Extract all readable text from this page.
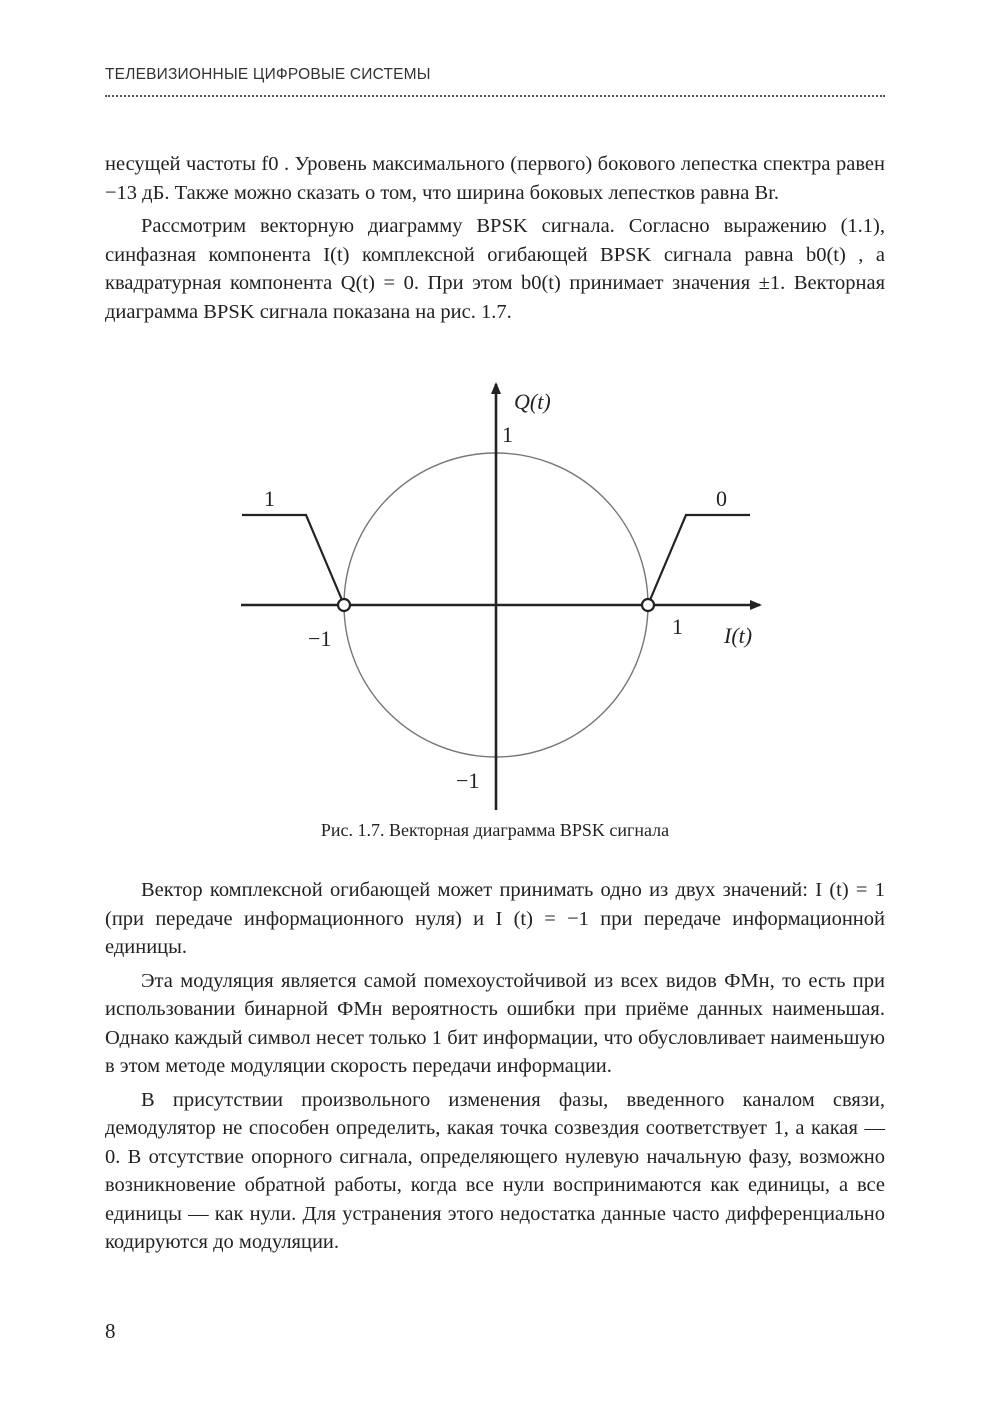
ТЕЛЕВИЗИОННЫЕ ЦИФРОВЫЕ СИСТЕМЫ

несущей частоты f0 . Уровень максимального (первого) бокового лепестка спектра равен −13 дБ. Также можно сказать о том, что ширина боковых лепестков равна Br.

Рассмотрим векторную диаграмму BPSK сигнала. Согласно выражению (1.1), синфазная компонента I(t) комплексной огибающей BPSK сигнала равна b0(t) , а квадратурная компонента Q(t) = 0. При этом b0(t) принимает значения ±1. Векторная диаграмма BPSK сигнала показана на рис. 1.7.

Q(t)
I(t)
1
−1
1
−1
1	0
Рис. 1.7. Векторная диаграмма BPSK сигнала

Вектор комплексной огибающей может принимать одно из двух значений: I (t) = 1 (при передаче информационного нуля) и I (t) = −1 при передаче информационной единицы.

Эта модуляция является самой помехоустойчивой из всех видов ФМн, то есть при использовании бинарной ФМн вероятность ошибки при приёме данных наименьшая. Однако каждый символ несет только 1 бит информации, что обусловливает наименьшую в этом методе модуляции скорость передачи информации.

В присутствии произвольного изменения фазы, введенного каналом связи, демодулятор не способен определить, какая точка созвездия соответствует 1, а какая — 0. В отсутствие опорного сигнала, определяющего нулевую начальную фазу, возможно возникновение обратной работы, когда все нули воспринимаются как единицы, а все единицы — как нули. Для устранения этого недостатка данные часто дифференциально кодируются до модуляции.

8
